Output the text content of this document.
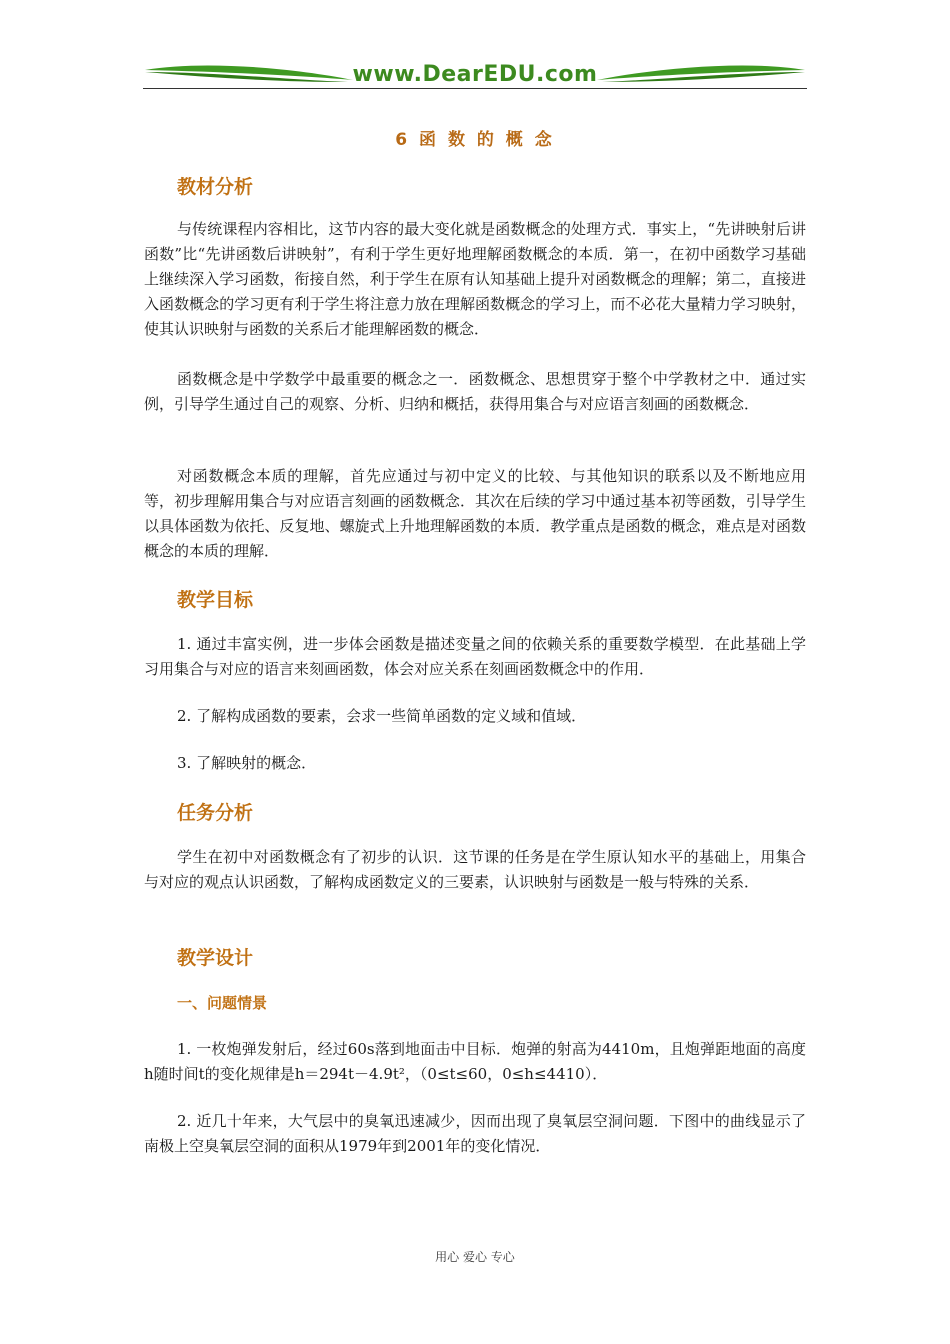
www.DearEDU.com
6 函 数 的 概 念
教材分析

与传统课程内容相比，这节内容的最大变化就是函数概念的处理方式．事实上，“先讲映射后讲函数”比“先讲函数后讲映射”，有利于学生更好地理解函数概念的本质．第一，在初中函数学习基础上继续深入学习函数，衔接自然，利于学生在原有认知基础上提升对函数概念的理解；第二，直接进入函数概念的学习更有利于学生将注意力放在理解函数概念的学习上，而不必花大量精力学习映射，使其认识映射与函数的关系后才能理解函数的概念．

函数概念是中学数学中最重要的概念之一．函数概念、思想贯穿于整个中学教材之中．通过实例，引导学生通过自己的观察、分析、归纳和概括，获得用集合与对应语言刻画的函数概念．

对函数概念本质的理解，首先应通过与初中定义的比较、与其他知识的联系以及不断地应用等，初步理解用集合与对应语言刻画的函数概念．其次在后续的学习中通过基本初等函数，引导学生以具体函数为依托、反复地、螺旋式上升地理解函数的本质．教学重点是函数的概念，难点是对函数概念的本质的理解．

教学目标

1. 通过丰富实例，进一步体会函数是描述变量之间的依赖关系的重要数学模型．在此基础上学习用集合与对应的语言来刻画函数，体会对应关系在刻画函数概念中的作用．

2. 了解构成函数的要素，会求一些简单函数的定义域和值域．

3. 了解映射的概念．

任务分析

学生在初中对函数概念有了初步的认识．这节课的任务是在学生原认知水平的基础上，用集合与对应的观点认识函数，了解构成函数定义的三要素，认识映射与函数是一般与特殊的关系．

教学设计
一、问题情景

1. 一枚炮弹发射后，经过60s落到地面击中目标．炮弹的射高为4410m，且炮弹距地面的高度h随时间t的变化规律是h＝294t－4.9t²，（0≤t≤60，0≤h≤4410）．

2. 近几十年来，大气层中的臭氧迅速减少，因而出现了臭氧层空洞问题．下图中的曲线显示了南极上空臭氧层空洞的面积从1979年到2001年的变化情况．

用心 爱心 专心
